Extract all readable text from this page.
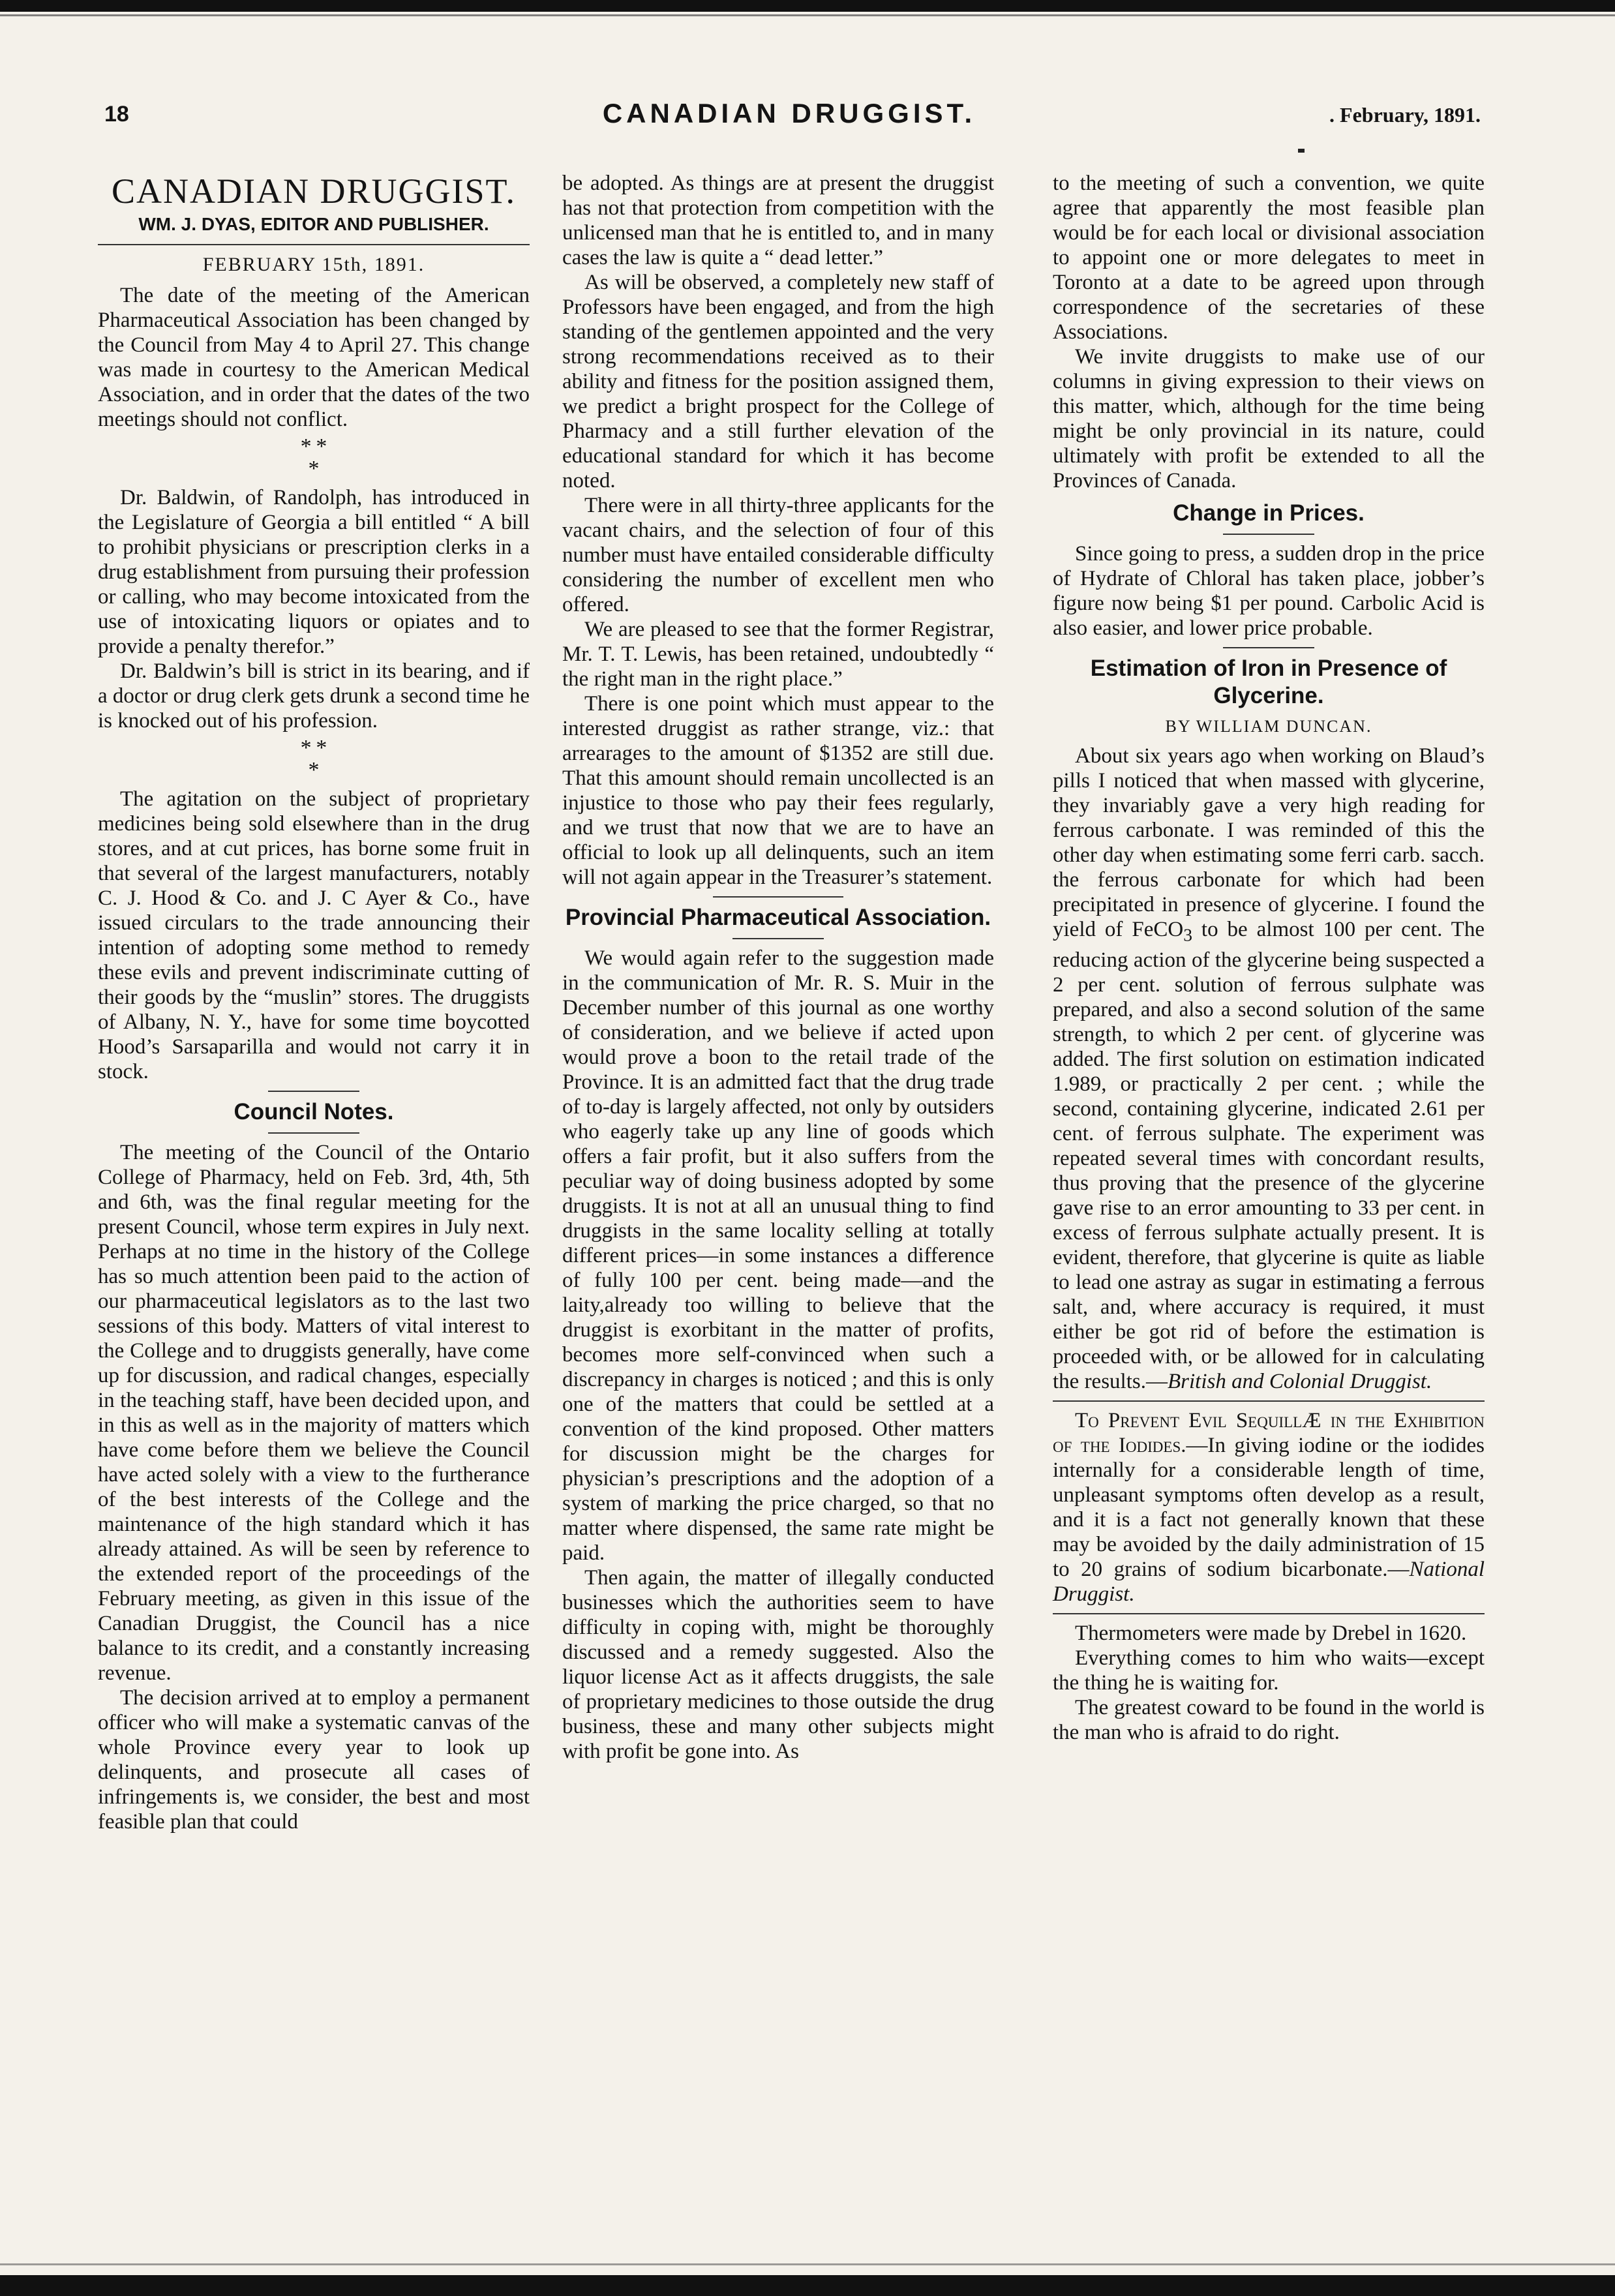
18	CANADIAN DRUGGIST.	. February, 1891.
CANADIAN DRUGGIST.
WM. J. DYAS, EDITOR AND PUBLISHER.
FEBRUARY 15th, 1891.

The date of the meeting of the American Pharmaceutical Association has been changed by the Council from May 4 to April 27. This change was made in courtesy to the American Medical Association, and in order that the dates of the two meetings should not conflict.

* *
*

Dr. Baldwin, of Randolph, has introduced in the Legislature of Georgia a bill entitled “ A bill to prohibit physicians or prescription clerks in a drug establishment from pursuing their profession or calling, who may become intoxicated from the use of intoxicating liquors or opiates and to provide a penalty therefor.”

Dr. Baldwin’s bill is strict in its bearing, and if a doctor or drug clerk gets drunk a second time he is knocked out of his profession.

* *
*

The agitation on the subject of proprietary medicines being sold elsewhere than in the drug stores, and at cut prices, has borne some fruit in that several of the largest manufacturers, notably C. J. Hood & Co. and J. C Ayer & Co., have issued circulars to the trade announcing their intention of adopting some method to remedy these evils and prevent indiscriminate cutting of their goods by the “muslin” stores. The druggists of Albany, N. Y., have for some time boycotted Hood’s Sarsaparilla and would not carry it in stock.

Council Notes.

The meeting of the Council of the Ontario College of Pharmacy, held on Feb. 3rd, 4th, 5th and 6th, was the final regular meeting for the present Council, whose term expires in July next. Perhaps at no time in the history of the College has so much attention been paid to the action of our pharmaceutical legislators as to the last two sessions of this body. Matters of vital interest to the College and to druggists generally, have come up for discussion, and radical changes, especially in the teaching staff, have been decided upon, and in this as well as in the majority of matters which have come before them we believe the Council have acted solely with a view to the furtherance of the best interests of the College and the maintenance of the high standard which it has already attained. As will be seen by reference to the extended report of the proceedings of the February meeting, as given in this issue of the Canadian Druggist, the Council has a nice balance to its credit, and a constantly increasing revenue.

The decision arrived at to employ a permanent officer who will make a systematic canvas of the whole Province every year to look up delinquents, and prosecute all cases of infringements is, we consider, the best and most feasible plan that could

be adopted. As things are at present the druggist has not that protection from competition with the unlicensed man that he is entitled to, and in many cases the law is quite a “ dead letter.”

As will be observed, a completely new staff of Professors have been engaged, and from the high standing of the gentlemen appointed and the very strong recommendations received as to their ability and fitness for the position assigned them, we predict a bright prospect for the College of Pharmacy and a still further elevation of the educational standard for which it has become noted.

There were in all thirty-three applicants for the vacant chairs, and the selection of four of this number must have entailed considerable difficulty considering the number of excellent men who offered.

We are pleased to see that the former Registrar, Mr. T. T. Lewis, has been retained, undoubtedly “ the right man in the right place.”

There is one point which must appear to the interested druggist as rather strange, viz.: that arrearages to the amount of $1352 are still due. That this amount should remain uncollected is an injustice to those who pay their fees regularly, and we trust that now that we are to have an official to look up all delinquents, such an item will not again appear in the Treasurer’s statement.

Provincial Pharmaceutical Association.

We would again refer to the suggestion made in the communication of Mr. R. S. Muir in the December number of this journal as one worthy of consideration, and we believe if acted upon would prove a boon to the retail trade of the Province. It is an admitted fact that the drug trade of to-day is largely affected, not only by outsiders who eagerly take up any line of goods which offers a fair profit, but it also suffers from the peculiar way of doing business adopted by some druggists. It is not at all an unusual thing to find druggists in the same locality selling at totally different prices—in some instances a difference of fully 100 per cent. being made—and the laity,already too willing to believe that the druggist is exorbitant in the matter of profits, becomes more self-convinced when such a discrepancy in charges is noticed ; and this is only one of the matters that could be settled at a convention of the kind proposed. Other matters for discussion might be the charges for physician’s prescriptions and the adoption of a system of marking the price charged, so that no matter where dispensed, the same rate might be paid.

Then again, the matter of illegally conducted businesses which the authorities seem to have difficulty in coping with, might be thoroughly discussed and a remedy suggested. Also the liquor license Act as it affects druggists, the sale of proprietary medicines to those outside the drug business, these and many other subjects might with profit be gone into. As

to the meeting of such a convention, we quite agree that apparently the most feasible plan would be for each local or divisional association to appoint one or more delegates to meet in Toronto at a date to be agreed upon through correspondence of the secretaries of these Associations.

We invite druggists to make use of our columns in giving expression to their views on this matter, which, although for the time being might be only provincial in its nature, could ultimately with profit be extended to all the Provinces of Canada.

Change in Prices.

Since going to press, a sudden drop in the price of Hydrate of Chloral has taken place, jobber’s figure now being $1 per pound. Carbolic Acid is also easier, and lower price probable.

Estimation of Iron in Presence of Glycerine.
BY WILLIAM DUNCAN.

About six years ago when working on Blaud’s pills I noticed that when massed with glycerine, they invariably gave a very high reading for ferrous carbonate. I was reminded of this the other day when estimating some ferri carb. sacch. the ferrous carbonate for which had been precipitated in presence of glycerine. I found the yield of FeCO$_3$ to be almost 100 per cent. The reducing action of the glycerine being suspected a 2 per cent. solution of ferrous sulphate was prepared, and also a second solution of the same strength, to which 2 per cent. of glycerine was added. The first solution on estimation indicated 1.989, or practically 2 per cent. ; while the second, containing glycerine, indicated 2.61 per cent. of ferrous sulphate. The experiment was repeated several times with concordant results, thus proving that the presence of the glycerine gave rise to an error amounting to 33 per cent. in excess of ferrous sulphate actually present. It is evident, therefore, that glycerine is quite as liable to lead one astray as sugar in estimating a ferrous salt, and, where accuracy is required, it must either be got rid of before the estimation is proceeded with, or be allowed for in calculating the results.—British and Colonial Druggist.

To Prevent Evil SequillÆ in the Exhibition of the Iodides.—In giving iodine or the iodides internally for a considerable length of time, unpleasant symptoms often develop as a result, and it is a fact not generally known that these may be avoided by the daily administration of 15 to 20 grains of sodium bicarbonate.—National Druggist.

Thermometers were made by Drebel in 1620.

Everything comes to him who waits—except the thing he is waiting for.

The greatest coward to be found in the world is the man who is afraid to do right.
